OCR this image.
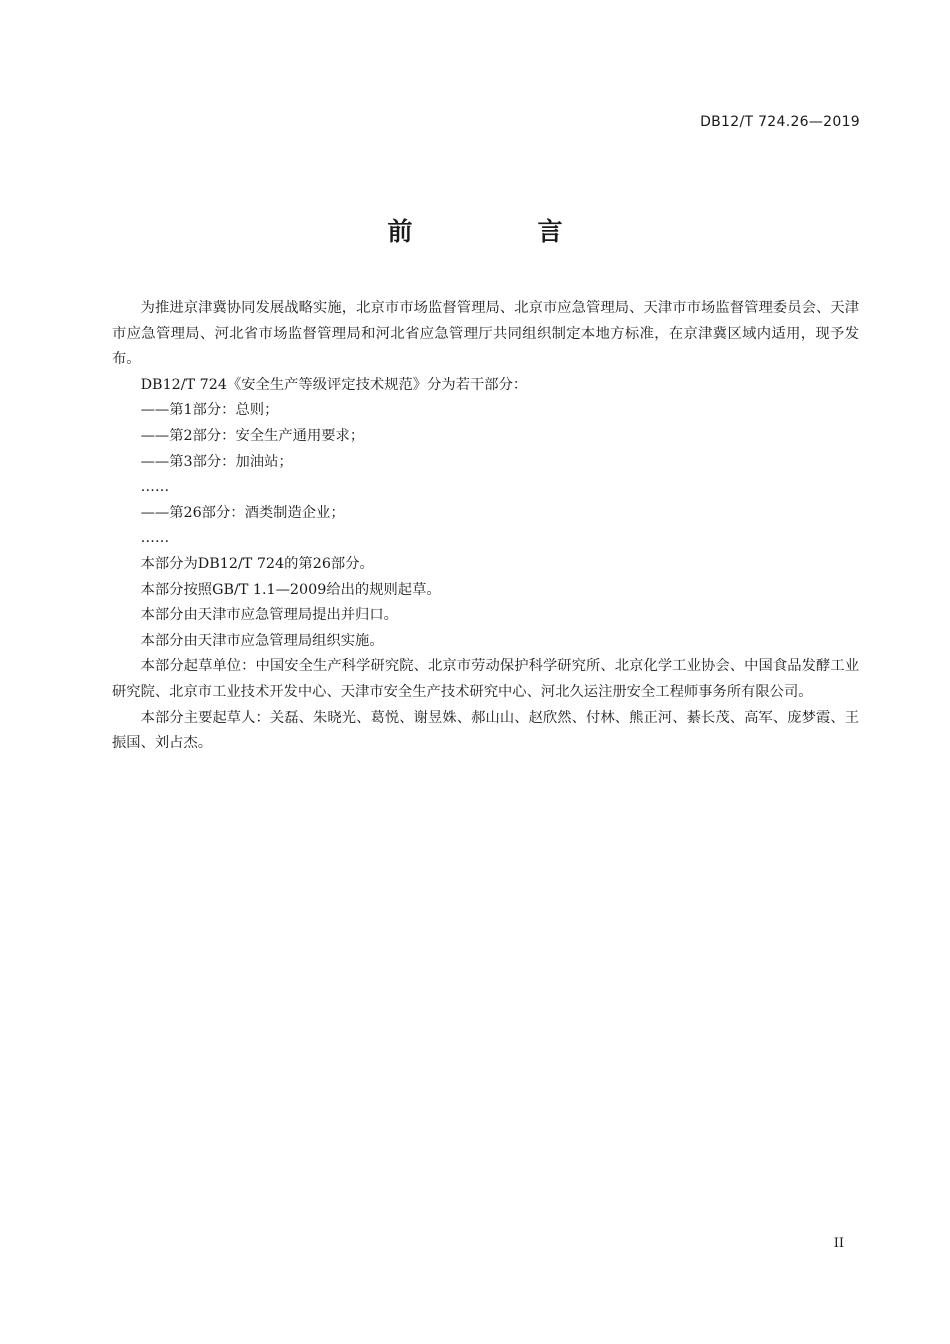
DB12/T 724.26—2019
前　言

为推进京津冀协同发展战略实施，北京市市场监督管理局、北京市应急管理局、天津市市场监督管理委员会、天津市应急管理局、河北省市场监督管理局和河北省应急管理厅共同组织制定本地方标准，在京津冀区域内适用，现予发布。

DB12/T 724《安全生产等级评定技术规范》分为若干部分：

——第1部分：总则；

——第2部分：安全生产通用要求；

——第3部分：加油站；

……

——第26部分：酒类制造企业；

……

本部分为DB12/T 724的第26部分。

本部分按照GB/T 1.1—2009给出的规则起草。

本部分由天津市应急管理局提出并归口。

本部分由天津市应急管理局组织实施。

本部分起草单位：中国安全生产科学研究院、北京市劳动保护科学研究所、北京化学工业协会、中国食品发酵工业研究院、北京市工业技术开发中心、天津市安全生产技术研究中心、河北久运注册安全工程师事务所有限公司。

本部分主要起草人：关磊、朱晓光、葛悦、谢昱姝、郝山山、赵欣然、付林、熊正河、綦长茂、高军、庞梦霞、王振国、刘占杰。

II
